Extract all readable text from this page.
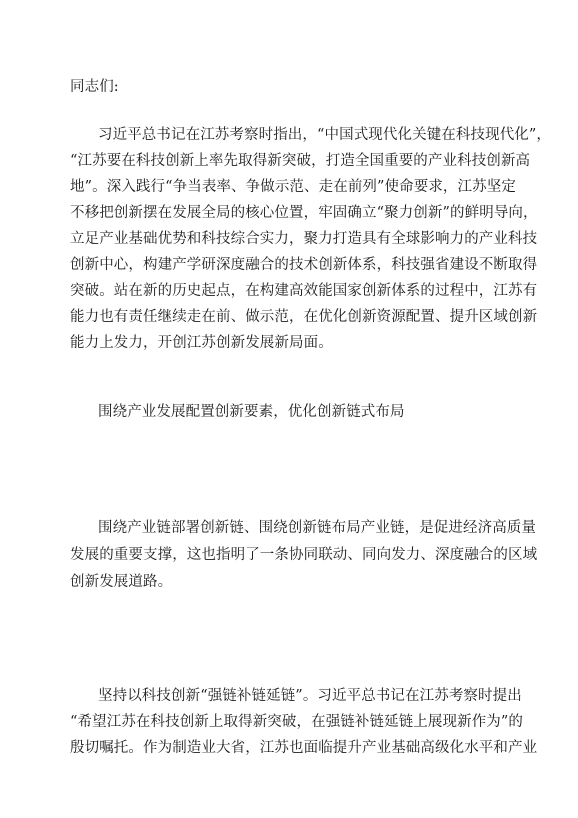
同志们:
习近平总书记在江苏考察时指出，“中国式现代化关键在科技现代化”，
“江苏要在科技创新上率先取得新突破，打造全国重要的产业科技创新高
地”。深入践行“争当表率、争做示范、走在前列”使命要求，江苏坚定
不移把创新摆在发展全局的核心位置，牢固确立“聚力创新”的鲜明导向，
立足产业基础优势和科技综合实力，聚力打造具有全球影响力的产业科技
创新中心，构建产学研深度融合的技术创新体系，科技强省建设不断取得
突破。站在新的历史起点，在构建高效能国家创新体系的过程中，江苏有
能力也有责任继续走在前、做示范，在优化创新资源配置、提升区域创新
能力上发力，开创江苏创新发展新局面。
围绕产业发展配置创新要素，优化创新链式布局
围绕产业链部署创新链、围绕创新链布局产业链，是促进经济高质量
发展的重要支撑，这也指明了一条协同联动、同向发力、深度融合的区域
创新发展道路。
坚持以科技创新“强链补链延链”。习近平总书记在江苏考察时提出
“希望江苏在科技创新上取得新突破，在强链补链延链上展现新作为”的
殷切嘱托。作为制造业大省，江苏也面临提升产业基础高级化水平和产业
